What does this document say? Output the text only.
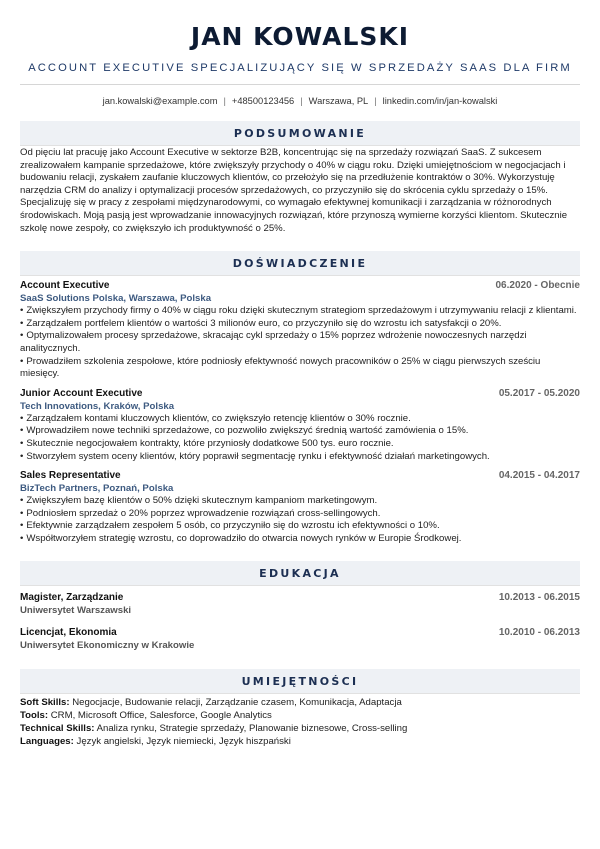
JAN KOWALSKI
ACCOUNT EXECUTIVE SPECJALIZUJĄCY SIĘ W SPRZEDAŻY SAAS DLA FIRM
jan.kowalski@example.com | +48500123456 | Warszawa, PL | linkedin.com/in/jan-kowalski
PODSUMOWANIE
Od pięciu lat pracuję jako Account Executive w sektorze B2B, koncentrując się na sprzedaży rozwiązań SaaS. Z sukcesem zrealizowałem kampanie sprzedażowe, które zwiększyły przychody o 40% w ciągu roku. Dzięki umiejętnościom w negocjacjach i budowaniu relacji, zyskałem zaufanie kluczowych klientów, co przełożyło się na przedłużenie kontraktów o 30%. Wykorzystuję narzędzia CRM do analizy i optymalizacji procesów sprzedażowych, co przyczyniło się do skrócenia cyklu sprzedaży o 15%. Specjalizuję się w pracy z zespołami międzynarodowymi, co wymagało efektywnej komunikacji i zarządzania w różnorodnych środowiskach. Moją pasją jest wprowadzanie innowacyjnych rozwiązań, które przynoszą wymierne korzyści klientom. Skutecznie szkolę nowe zespoły, co zwiększyło ich produktywność o 25%.
DOŚWIADCZENIE
Account Executive	06.2020 - Obecnie
SaaS Solutions Polska, Warszawa, Polska
• Zwiększyłem przychody firmy o 40% w ciągu roku dzięki skutecznym strategiom sprzedażowym i utrzymywaniu relacji z klientami.
• Zarządzałem portfelem klientów o wartości 3 milionów euro, co przyczyniło się do wzrostu ich satysfakcji o 20%.
• Optymalizowałem procesy sprzedażowe, skracając cykl sprzedaży o 15% poprzez wdrożenie nowoczesnych narzędzi analitycznych.
• Prowadziłem szkolenia zespołowe, które podniosły efektywność nowych pracowników o 25% w ciągu pierwszych sześciu miesięcy.
Junior Account Executive	05.2017 - 05.2020
Tech Innovations, Kraków, Polska
• Zarządzałem kontami kluczowych klientów, co zwiększyło retencję klientów o 30% rocznie.
• Wprowadziłem nowe techniki sprzedażowe, co pozwoliło zwiększyć średnią wartość zamówienia o 15%.
• Skutecznie negocjowałem kontrakty, które przyniosły dodatkowe 500 tys. euro rocznie.
• Stworzyłem system oceny klientów, który poprawił segmentację rynku i efektywność działań marketingowych.
Sales Representative	04.2015 - 04.2017
BizTech Partners, Poznań, Polska
• Zwiększyłem bazę klientów o 50% dzięki skutecznym kampaniom marketingowym.
• Podniosłem sprzedaż o 20% poprzez wprowadzenie rozwiązań cross-sellingowych.
• Efektywnie zarządzałem zespołem 5 osób, co przyczyniło się do wzrostu ich efektywności o 10%.
• Współtworzyłem strategię wzrostu, co doprowadziło do otwarcia nowych rynków w Europie Środkowej.
EDUKACJA
Magister, Zarządzanie	10.2013 - 06.2015
Uniwersytet Warszawski
Licencjat, Ekonomia	10.2010 - 06.2013
Uniwersytet Ekonomiczny w Krakowie
UMIEJĘTNOŚCI
Soft Skills: Negocjacje, Budowanie relacji, Zarządzanie czasem, Komunikacja, Adaptacja
Tools: CRM, Microsoft Office, Salesforce, Google Analytics
Technical Skills: Analiza rynku, Strategie sprzedaży, Planowanie biznesowe, Cross-selling
Languages: Język angielski, Język niemiecki, Język hiszpański
